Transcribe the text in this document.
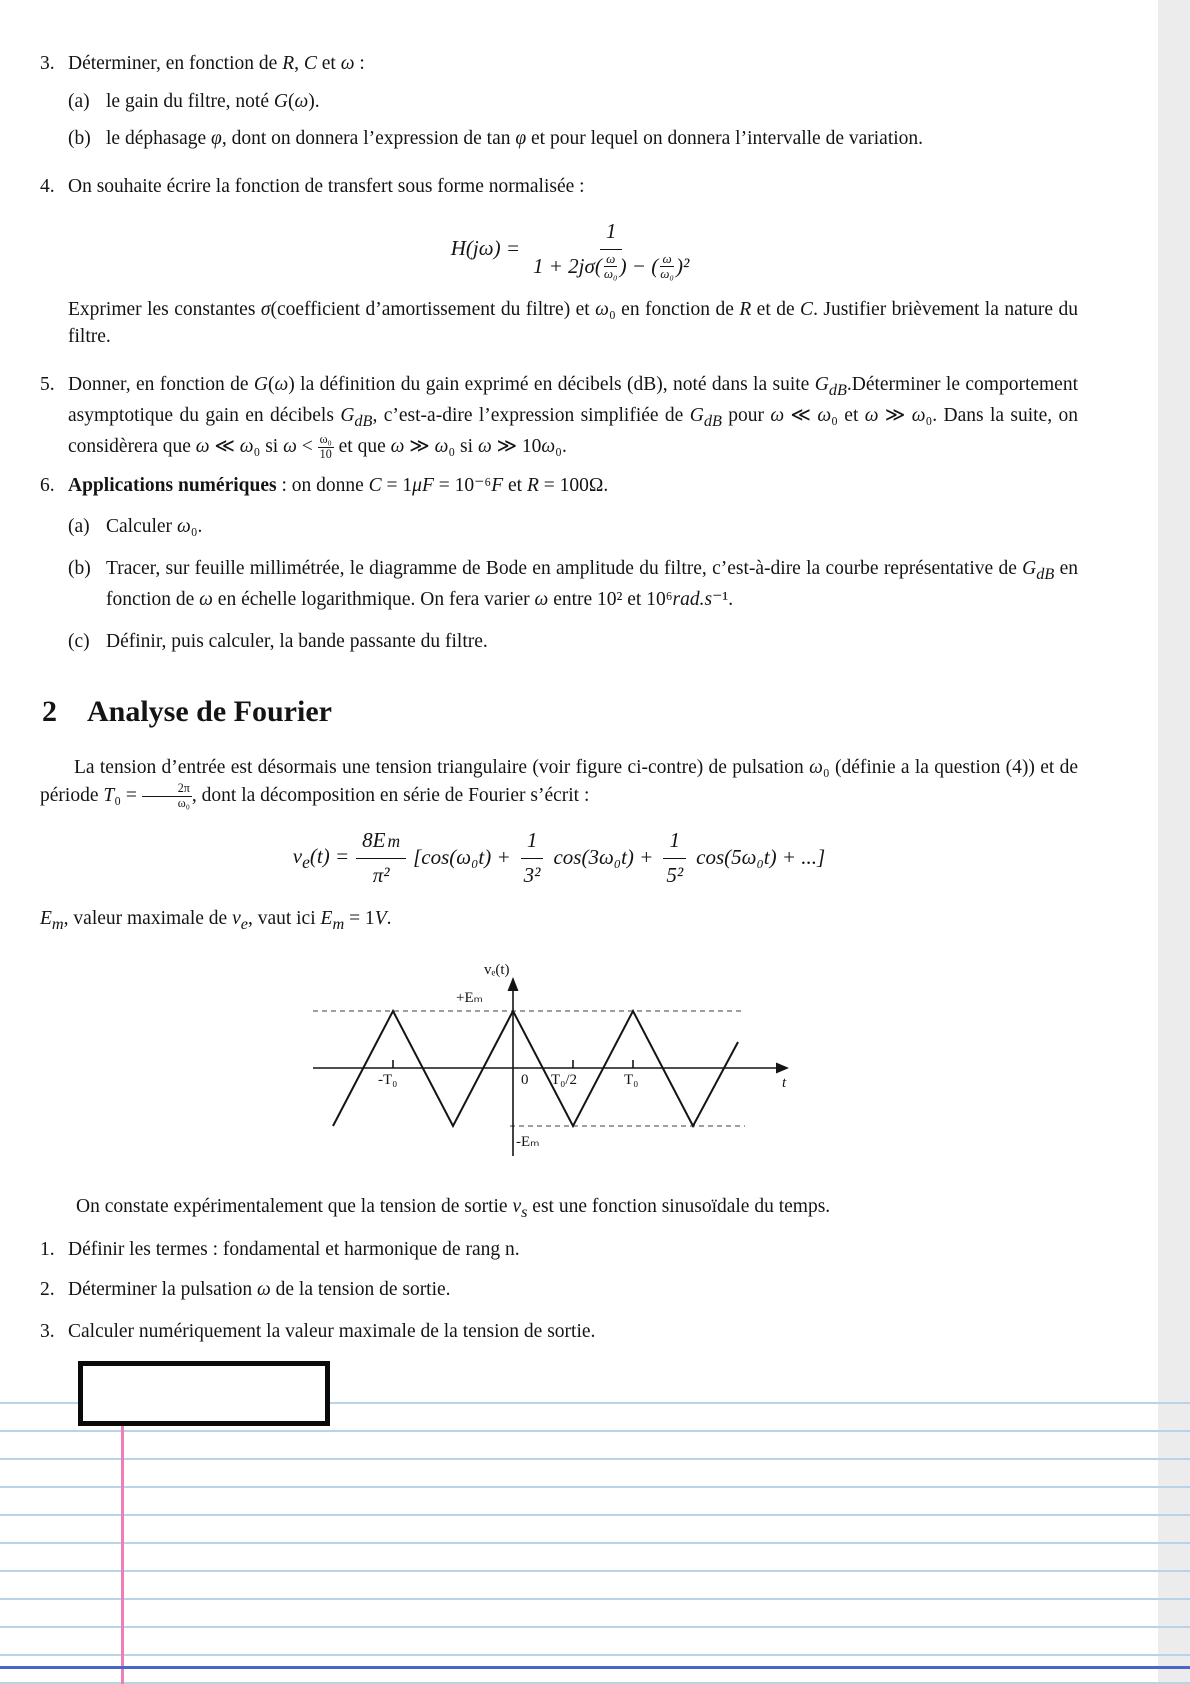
3. Déterminer, en fonction de R, C et ω :
(a) le gain du filtre, noté G(ω).
(b) le déphasage φ, dont on donnera l’expression de tan φ et pour lequel on donnera l’intervalle de variation.
4. On souhaite écrire la fonction de transfert sous forme normalisée :
H(jω) =
1
1 + 2jσ( ω
ω₀ ) − ( ω
ω₀ )²
Exprimer les constantes σ(coefficient d’amortissement du filtre) et ω₀ en fonction de R et de C. Justifier brièvement la nature du filtre.
5. Donner, en fonction de G(ω) la définition du gain exprimé en décibels (dB), noté dans la suite $G_{dB}.Déterminer$ le comportement asymptotique du gain en décibels $G_{dB}$, c’est-a-dire l’expression simplifiée de $G_{dB}$ pour ω ≪ ω₀ et ω ≫ ω₀. Dans la suite, on considèrera que ω ≪ ω₀ si $\omega < \frac{\text{ω₀}}{10}$ et que ω ≫ ω₀ si ω ≫ 10ω₀.
6. Applications numériques : on donne C = 1μF = 10⁻⁶F et R = 100Ω.
(a) Calculer ω₀.
(b) Tracer, sur feuille millimétrée, le diagramme de Bode en amplitude du filtre, c’est-à-dire la courbe représentative de $G_{dB}$ en fonction de ω en échelle logarithmique. On fera varier ω entre 10² et 10⁶rad.s⁻¹.
(c) Définir, puis calculer, la bande passante du filtre.
2 Analyse de Fourier
La tension d’entrée est désormais une tension triangulaire (voir figure ci-contre) de pulsation ω₀ (définie a la question (4)) et de période $T_0 = \frac{2\pi}{\text{ω₀}}$ , dont la décomposition en série de Fourier s’écrit :
$v_e(t) = \frac{\text{8E m}}{\text{π²}} [\cos(\omega_0t) + \frac{1}{\text{3²}} \cos(3\omega_0t) + \frac{1}{\text{5²}} \cos(5\omega_0t)$ + ...]
$E_m$, valeur maximale de $v_e$, vaut ici $E_m = 1V$.
vₑ(t)
+Eₘ
-Eₘ
-T₀	0 T₀/2	T₀	t
On constate expérimentalement que la tension de sortie $v_s$ est une fonction sinusoïdale du temps.
1. Définir les termes : fondamental et harmonique de rang n.
2. Déterminer la pulsation ω de la tension de sortie.
3. Calculer numériquement la valeur maximale de la tension de sortie.
